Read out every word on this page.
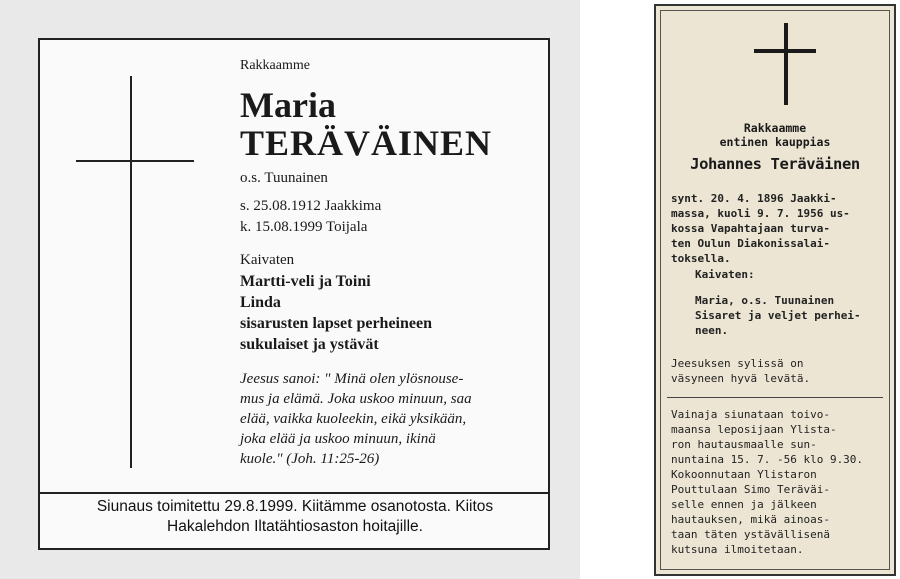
Rakkaamme
Maria
TERÄVÄINEN
o.s. Tuunainen
s. 25.08.1912 Jaakkima
k. 15.08.1999 Toijala
Kaivaten
Martti-veli ja Toini
Linda
sisarusten lapset perheineen
sukulaiset ja ystävät
Jeesus sanoi: " Minä olen ylösnouse-
mus ja elämä. Joka uskoo minuun, saa
elää, vaikka kuoleekin, eikä yksikään,
joka elää ja uskoo minuun, ikinä
kuole." (Joh. 11:25-26)
Siunaus toimitettu 29.8.1999. Kiitämme osanotosta. Kiitos
Hakalehdon Iltatähtiosaston hoitajille.
Rakkaamme
entinen kauppias
Johannes Teräväinen
synt. 20. 4. 1896 Jaakki-
massa, kuoli 9. 7. 1956 us-
kossa Vapahtajaan turva-
ten Oulun Diakonissalai-
toksella.
Kaivaten:
Maria, o.s. Tuunainen
Sisaret ja veljet perhei-
neen.
Jeesuksen sylissä on
väsyneen hyvä levätä.
Vainaja siunataan toivo-
maansa leposijaan Ylista-
ron hautausmaalle sun-
nuntaina 15. 7. -56 klo 9.30.
Kokoonnutaan Ylistaron
Pouttulaan Simo Teräväi-
selle ennen ja jälkeen
hautauksen, mikä ainoas-
taan täten ystävällisenä
kutsuna ilmoitetaan.
